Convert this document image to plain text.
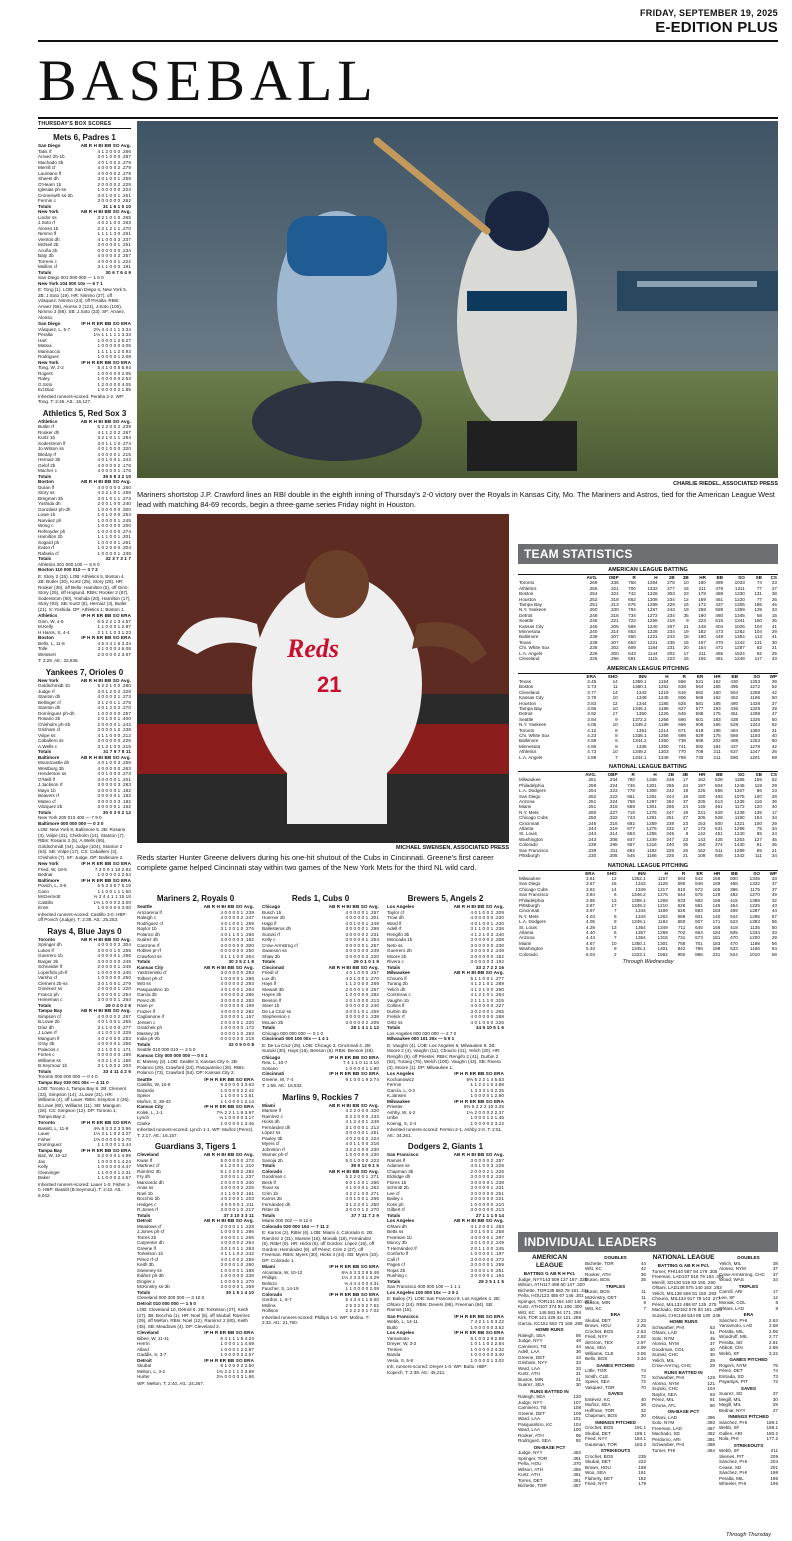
FRIDAY, SEPTEMBER 19, 2025
E-EDITION PLUS
BASEBALL
THURSDAY'S BOX SCORES
Mets 6, Padres 1
San Diego	AB R H BI BB SO Avg.
Tatis rf	4 1 2 0 0 0 .266
Arraez 2b-1b	3 0 1 0 0 0 .287
Machado 3b	4 0 1 0 0 2 .279
Merrill cf	4 0 0 0 0 2 .279
Laureano lf	4 0 0 0 0 2 .279
Sheets dh	3 0 1 0 0 1 .259
O'Hearn 1b	2 0 0 0 0 2 .225
Iglesias ph-ss	1 0 0 0 0 0 .223
Cronenwth ss-2b	3 0 1 0 0 1 .251
Fermin c	3 0 0 0 0 0 .262
Totals	31 1 6 1 0 10
New York	AB R H BI BB SO Avg.
Lindor ss	3 2 1 0 1 0 .265
J.Soto rf	4 0 2 1 0 0 .263
Alonso 1b	2 2 1 2 1 1 .270
Nimmo lf	1 1 1 1 3 0 .261
Vientos dh	4 1 0 0 0 3 .237
McNeil 2b	3 0 0 0 0 1 .251
Acuña 2b	0 0 0 0 0 0 .234
Baty 3b	4 0 0 0 0 2 .257
Torrens c	4 0 0 0 0 1 .222
Mullins cf	3 1 1 0 0 0 .191
Totals	30 6 7 6 4 9
San Diego 001 000 000 — 1 6 0
New York 104 000 10x — 6 7 1
E: Tong (1). LOB: San Diego 4, New York 5. 2B: J.Soto (19). HR: Nimmo (27), off Vásquez; Nimmo (24), off Peralta. RBIs: Arraez (56), Alonso 2 (121), J.Soto (100), Nimmo 3 (86). SB: J.Soto (33). SF: Arraez, Alonso.
San Diego	IP H R ER BB SO ERA
Vásquez, L, 5-7	2⅔ 4 4 4 1 1 3.34
Peralta	1⅓ 1 1 1 1 1 3.33
Hart	1 0 0 0 1 2 5.27
Matsui	1 0 0 0 0 0 4.05
Marinaccio	1 1 1 1 1 2 0.93
Rodriguez	1 0 0 0 0 1 2.08
New York	IP H R ER BB SO ERA
Tong, W, 2-2	5 4 1 0 0 8 5.94
Rogers	1 0 0 0 0 0 2.05
Raley	1 0 0 0 0 0 2.53
G.Soto	1 2 0 0 0 0 4.05
Ed.Diaz	1 0 0 0 0 2 1.85
Inherited runners-scored: Peralta 2-2. WP: Tong. T: 2:46. Att.: 16,127.
Athletics 5, Red Sox 3
Athletics	AB R H BI BB SO Avg.
Butler rf	5 2 2 0 0 2 .239
Rooker dh	4 1 1 2 0 2 .267
Kurtz 1b	3 2 1 0 1 1 .294
Soderstrom lf	3 0 1 1 1 0 .274
Jo.Wilson ss	4 0 1 0 0 0 .320
Bleday rf	4 0 0 0 0 1 .215
Hernaiz 3b	4 0 1 0 0 1 .243
Gelof 2b	4 0 0 0 0 2 .176
Macher c	4 0 0 0 0 1 .176
Totals	35 5 8 3 2 10
Boston	AB R H BI BB SO Avg.
Duran lf	4 0 0 0 0 0 .260
Story ss	4 2 2 1 0 1 .268
Bregman 3b	3 0 1 0 1 1 .273
Yoshida dh	2 0 0 1 0 0 .240
González ph-dh	1 0 0 0 0 0 .300
Lowe 1b	1 0 1 0 0 0 .264
Narváez ph	1 0 0 0 0 1 .245
Wong c	1 0 0 0 0 0 .200
Refsnyder ph	1 0 0 0 0 0 .274
Hamilton 2b	1 1 1 0 0 1 .201
Sogard ph	1 0 0 0 0 1 .261
Eaton rf	1 0 2 0 0 0 .304
Rafaela cf	1 0 0 0 0 1 .238
Totals	32 3 7 3 1 7
Athletics 301 000 100 — 5 8 0
Boston 110 000 010 — 3 7 2
E: Story 2 (15). LOB: Athletics 5, Boston 4. 2B: Butler (30), Kurtz (25), Story (28). HR: Rooker (30), off Bello; Hamilton (5), off Ginn; Story (25), off Hoglund. RBIs: Rooker 2 (87), Soderstrom (90), Yoshida (20), Hamilton (17), Story (93). SB: Kurtz (6), Hernaiz (3), Butler (21). S: Yoshida. DP: Athletics 1; Boston 1.
Athletics	IP H R ER BB SO ERA
Ginn, W, 4-6	6 5 2 2 1 3 4.57
M.Kelly	1 1 0 0 0 1 2.97
H.Harris, S, 4-4	2 1 1 1 0 3 1.23
Boston	IP H R ER BB SO ERA
Bello, L, 11-8	4 5 4 4 1 5 3.34
Tolle	3 1 0 0 0 4 6.08
Weissert	2 0 0 0 0 2 3.97
T: 2:28. Att.: 32,838.
Yankees 7, Orioles 0
New York	AB R H BI BB SO Avg.
Goldschmidt 1b	5 2 2 1 0 0 .280
Judge rf	3 0 1 2 0 2 .328
Stanton dh	4 0 0 0 0 1 .273
Bellinger cf	3 1 2 0 1 1 .278
Stanton dh	4 0 1 2 0 2 .270
Domínguez ph-dh	1 0 0 0 0 0 .257
Rosario 2b	2 0 1 0 0 1 .400
Chisholm ph-2b	2 0 0 0 0 1 .242
Grisham cf	3 0 0 0 1 2 .238
Volpe ss	4 1 1 0 0 0 .212
Caballero ss	3 0 0 0 0 0 .225
A.Wells c	3 1 2 1 0 0 .215
Totals	31 7 9 7 8 11
Baltimore	AB R H BI BB SO Avg.
Mountcastle dh	4 0 1 0 0 3 .255
Westburg 3b	4 0 0 0 0 0 .263
Henderson ss	4 0 1 0 0 0 .273
O'Neill lf	3 0 0 0 0 1 .201
J.Jackson rf	3 0 0 0 0 3 .283
Mayo 1b	3 0 0 0 0 1 .182
Beavers rf	3 0 0 0 0 1 .182
Mateo cf	3 0 0 0 0 3 .182
Vázquez 2b	3 0 0 0 0 1 .162
Totals	30 0 3 0 2 12
New York 200 010 400 — 7 9 0
Baltimore 000 000 000 — 0 3 0
LOB: New York 8, Baltimore 5. 2B: Rosario (3), Volpe (31), Chisholm (14), Stanton (7). RBIs: Rosario 2 (5), A.Wells (65), Goldschmidt (44), Judge (104), Stanton 2 (53). SB: Volpe (17). CS: Caballero (3), Chisholm (7). SF: Judge. DP: Baltimore 2.
New York	IP H R ER BB SO ERA
Fried, W, 18-5	7 3 0 0 1 13 2.92
Bednar	1 0 0 0 0 2 2.54
Baltimore	IP H R ER BB SO ERA
Povich, L, 3-8	5 5 3 3 6 7 5.16
Cano	1 1 0 0 1 1 1.50
McDermott	⅓ 2 4 4 1 1 15.18
Castillo	1⅔ 1 0 0 0 2 3.00
Enns	1 0 0 0 0 0 3.00
Inherited runners-scored: Castillo 3-0. HBP: off Povich (Judge). T: 2:38. Att.: 25,253.
Rays 4, Blue Jays 0
Toronto	AB R H BI BB SO Avg.
Springer dh	4 0 0 0 0 2 .304
Lukes lf	3 0 0 0 1 0 .255
Guerrero 1b	4 0 0 0 0 1 .296
Barger 3b	3 0 0 0 0 0 .249
Schneider lf	2 0 0 0 0 1 .245
Loperfido ph-lf	1 0 0 0 0 0 .240
Varsho cf	1 0 0 0 0 0 .250
Clement 2b-ss	3 0 1 0 0 1 .279
Giménez ss	2 0 0 0 0 1 .220
Franco ph	1 0 0 0 0 1 .254
Heineman c	3 0 0 0 0 1 .264
Totals	29 0 4 0 2 6
Tampa Bay	AB R H BI BB SO Avg.
Simpson cf	4 0 0 0 0 2 .267
B.Lowe 2b	4 0 1 0 0 1 .255
Díaz dh	3 1 1 0 0 0 .277
J.Lowe rf	4 1 0 0 1 0 .229
Mangum lf	4 0 2 0 0 0 .253
Gray 3b	4 0 0 0 0 1 .256
Palacios c	3 1 1 0 0 1 .171
Fortes c	0 0 0 0 0 0 .189
Williams ss	4 0 2 1 0 1 .156
B.Seymour 1b	3 1 1 0 0 2 .203
Totals	33 4 11 4 2 6
Toronto 000 000 000 — 0 4 0
Tampa Bay 030 001 00x — 4 11 0
LOB: Toronto 4, Tampa Bay 8. 2B: Clement (33), Simpson (14), J.Lowe (21). HR: Williams (4), off Lauer. RBIs: Simpson 2 (26), B.Lowe (80), Williams (11). SB: Mangum (26). CS: Simpson (12). DP: Toronto 1; Tampa Bay 2.
Toronto	IP H R ER BB SO ERA
Bassitt, L, 11-9	4⅔ 8 3 3 2 3 3.96
Lauer	1⅓ 2 1 1 0 2 3.27
Fisher	1⅔ 0 0 0 0 0 2.70
Domínguez	1 1 0 0 0 1 3.44
Tampa Bay	IP H R ER BB SO ERA
Baz, W, 10-12	5 2 0 0 0 1 4.99
Jax	1 0 0 0 0 1 4.24
Kelly	1 0 0 0 0 0 4.47
Cleavinger	1 1 0 0 0 1 2.31
Baker	1 1 0 0 0 2 4.67
Inherited runners-scored: Lauer 1-0. Fisher 1-0. HBP: Bassitt (B.Seymour). T: 2:42. Att.: 8,042.
CHARLIE RIEDEL, ASSOCIATED PRESS
Mariners shortstop J.P. Crawford lines an RBI double in the eighth inning of Thursday's 2-0 victory over the Royals in Kansas City, Mo. The Mariners and Astros, tied for the American League West lead with matching 84-69 records, begin a three-game series Friday night in Houston.
Reds
21
MICHAEL SWENSEN, ASSOCIATED PRESS
Reds starter Hunter Greene delivers during his one-hit shutout of the Cubs in Cincinnati. Greene's first career complete game helped Cincinnati stay within two games of the New York Mets for the third NL wild card.
Mariners 2, Royals 0
Seattle	AB R H BI BB SO Avg.
Arozarena lf	4 0 0 0 0 1 .239
Raleigh c	4 0 0 0 0 2 .247
Rodríguez cf	4 0 1 0 0 1 .269
Naylor 1b	3 1 2 0 1 0 .276
Polanco dh	4 0 1 1 0 1 .266
Suárez 3b	3 0 0 0 0 3 .182
Canzone rf	3 0 0 0 0 0 .300
Robles pr-rf	0 0 0 0 0 0 .250
Crawford ss	3 1 1 1 0 0 .264
Totals	30 2 5 2 1 8
Kansas City	AB R H BI BB SO Avg.
Yastrzemski cf	3 0 0 0 0 0 .283
Tolbert ph-cf	1 0 0 0 0 1 .286
Witt ss	4 0 0 0 0 2 .293
Pasquantino 1b	4 0 1 0 0 1 .264
Garcia 3b	4 0 0 0 0 2 .286
Perez dh	3 0 0 0 0 2 .283
Rave pr	0 0 0 0 0 0 .199
Frazier lf	4 0 0 0 0 2 .282
Caglianone rf	3 0 0 0 0 1 .157
Jensen c	2 0 0 0 0 1 .220
Gratchek ph	1 0 0 0 0 0 .173
Massey 2b	3 0 0 0 1 0 .263
India ph-2b	0 0 0 0 0 0 .219
Totals	32 0 5 0 0 8
Seattle 010 000 010 — 2 5 0
Kansas City 000 000 000 — 0 5 1
E: Massey (2). LOB: Seattle 3, Kansas City 6. 2B: Polanco (29), Crawford (24), Pasquantino (28). RBIs: Polanco (73), Crawford (54). DP: Kansas City 2.
Seattle	IP H R ER BB SO ERA
Castillo, W, 10-8	6 3 0 0 0 3 3.63
Bazardo	1 0 0 0 0 2 2.42
Speier	1 1 0 0 0 1 2.61
Muñoz, S, 36-43	1 1 0 0 0 1 2.14
Kansas City	IP H R ER BB SO ERA
Kolek, L, 1-1	7⅔ 2 2 1 1 8 3.97
Lynch	⅓ 1 0 0 0 0 3.17
Clarke	1 0 0 0 0 1 3.46
Inherited runners-scored: Lynch 1-1. WP: Muñoz (Perez). T: 2:17. Att.: 16,157.
Guardians 3, Tigers 1
Cleveland	AB R H BI BB SO Avg.
Kwan lf	5 0 0 0 0 0 .272
Martinez cf	5 1 2 0 0 1 .210
Ramírez 3b	5 1 2 2 0 2 .282
Fry dh	3 0 0 0 1 1 .237
Manzardo dh	2 0 0 0 0 0 .240
Arias ss	3 0 0 0 0 2 .225
Noel 1b	4 1 1 0 0 2 .161
Bocchio 2b	4 0 2 0 0 1 .203
Hedges c	4 0 0 0 0 1 .211
R.Jones rf	3 0 0 0 1 0 .217
Totals	37 3 10 3 3 11
Detroit	AB R H BI BB SO Avg.
Meadows cf	2 0 0 0 1 1 .228
J.Jones ph-cf	1 0 0 0 0 1 .286
Torres 2b	3 0 0 0 1 1 .255
Carpenter dh	4 0 0 0 0 2 .254
Greene lf	3 0 1 0 1 1 .263
Torkelson 1b	4 1 1 1 0 2 .242
Pérez rf-cf	4 0 1 0 0 2 .256
Keith 3b	3 0 0 0 1 0 .260
Sweeney ss	1 0 0 0 0 1 .198
Ibáñez ph-3b	1 0 0 0 0 0 .238
Dingler c	1 0 0 0 0 1 .270
McKinstry ss-3b	3 0 0 0 0 1 .259
Totals	30 1 5 1 4 10
Cleveland 000 300 000 — 3 10 0
Detroit 010 000 000 — 1 5 0
LOB: Cleveland 10, Detroit 6. 2B: Torkelson (27), Keith (27). 3B: Bocchio (1). HR: Noel (5), off Skubal; Ramírez (29), off Melton. RBIs: Noel (12), Ramírez 2 (80), Keith (45). SB: Meadows (4). DP: Cleveland 2.
Cleveland	IP H R ER BB SO ERA
Bibee, W, 11-11	6 4 1 1 1 8 4.24
Herrin	1 0 0 0 1 1 4.69
Allard	1 0 0 0 1 2 2.87
Gaddis, S, 3-7	1 0 0 0 0 3 2.57
Detroit	IP H R ER BB SO ERA
Skubal	5 1 0 0 0 2 2.50
Melton, L, 3-2	1⅔ 2 2 1 1 2 3.88
Hurter	2⅓ 0 0 0 0 3 1.86
WP: Melton. T: 2:40. Att.: 24,267.
Reds 1, Cubs 0
Chicago	AB R H BI BB SO Avg.
Busch 1b	4 0 0 0 0 1 .257
Hoerner 2b	4 0 0 0 0 1 .301
Happ lf	4 0 1 0 0 1 .248
Ballesteros dh	3 0 0 0 0 1 .298
Suzuki rf	3 0 0 0 0 2 .231
Kelly c	3 0 0 0 0 1 .254
Crow-Armstrng cf	3 0 0 0 0 1 .257
Swanson ss	3 0 0 0 0 0 .249
Shaw 3b	3 0 0 0 0 2 .220
Totals	29 0 1 0 1 9
Cincinnati	AB R H BI BB SO Avg.
Friedl cf	4 0 1 0 0 0 .257
Lux dh	4 0 1 0 0 1 .270
Hays lf	1 1 2 0 0 0 .269
Stewart 3b	2 0 0 0 1 0 .267
Hayes 3b	1 0 0 0 0 0 .282
Benson lf	2 0 1 0 0 0 .213
Steer 1b	3 0 0 0 0 2 .240
De La Cruz ss	3 0 0 1 0 1 .259
Stephenson c	3 0 0 0 0 1 .238
McLain 2b	3 0 0 0 0 2 .209
Totals	28 1 4 1 1 12
Chicago 000 000 000 — 0 1 0
Cincinnati 000 100 00x — 1 4 1
E: De La Cruz (25). LOB: Chicago 3, Cincinnati 4. 2B: Suzuki (30), Hays (16), Benson (6). RBIs: Benson (46).
Chicago	IP H R ER BB SO ERA
Rea, L, 10-7	7 4 1 1 0 11 4.10
Soriano	1 0 0 0 0 1 1.80
Cincinnati	IP H R ER BB SO ERA
Greene, W, 7-4	9 1 0 0 1 9 2.74
T: 1:56. Att.: 18,532.
Marlins 9, Rockies 7
Miami	AB R H BI BB SO Avg.
Marsee lf	4 2 2 0 0 0 .320
Ramírez c	5 2 2 0 0 0 .233
Hicks dh	4 1 2 4 0 1 .249
Fernández dh	3 1 0 0 0 1 .213
López ss	3 0 0 0 0 1 .261
Pauley 3b	4 0 2 0 0 2 .224
Myers cf	4 0 1 1 0 0 .216
Johnston rf	3 2 2 0 0 0 .230
Warner ph-rf	1 0 0 0 0 0 .230
Sanoja 2b	5 0 1 0 0 0 .223
Totals	39 9 12 9 1 5
Colorado	AB R H BI BB SO Avg.
Goodman c	5 2 2 0 0 1 .271
Beck lf	5 0 1 2 0 1 .266
Tovar ss	4 1 0 0 0 1 .262
Crim 1b	4 2 2 1 0 0 .271
Karros 3b	4 0 1 0 0 1 .266
Fernández dh	3 1 2 2 0 1 .250
Ritter 2b	3 0 0 0 1 2 .270
Totals	37 7 11 7 2 9
Miami 000 202 — 9 12 0
Colorado 020 000 104 — 7 11 2
E: Karros (2), Ritter (6). LOB: Miami 4, Colorado 6. 2B: Ramírez 2 (31), Marsee (16), Moniak (18), Fernández (5). Ritter (9). HR: Hicks (6), off Gordon; López (15), off Gordon; Hernández (9), off Pérez; Crim 2 (27), off Freeman. RBIs: Myers (30), Hicks 4 (44). SB: Myers (10). DP: Colorado 1.
Miami	IP H R ER BB SO ERA
Alcantara, W, 10-12	6⅓ 5 3 3 2 8 5.48
Phillips	1⅓ 2 3 3 0 1 4.29
Bellozo	⅓ 4 4 4 0 0 4.31
Faucher, S, 14-19	1 1 0 0 0 0 2.08
Colorado	IP H R ER BB SO ERA
Gordon, L, 6-7	5 4 3 4 1 1 6.00
Molina	2 5 3 2 0 2 7.52
Rollison	2 2 2 2 0 1 7.02
Inherited runners-scored: Phillips 1-0. WP: Molina. T: 2:32. Att.: 21,760.
Brewers 5, Angels 2
Los Angeles	AB R H BI BB SO Avg.
Taylor cf	4 0 1 0 0 2 .209
Trout dh	4 0 0 0 0 0 .230
Ward lf	4 0 1 0 0 1 .230
Adell rf	3 1 1 0 0 1 .236
Rengifo 3b	4 1 2 1 0 3 .240
Moncada 1b	3 0 0 0 0 2 .208
Neto ss	3 0 0 0 0 0 .230
Guerrero 2b	3 0 0 0 0 2 .249
Moore 2b	3 0 0 0 0 0 .182
Rivera c	3 0 0 0 0 3 .192
Totals	33 2 7 2 2 16
Milwaukee	AB R H BI BB SO Avg.
Chourio lf	5 1 1 0 0 1 .277
Turang 2b	4 1 2 1 0 1 .289
Yelich dh	4 1 2 1 0 0 .260
Contreras c	4 1 2 1 0 1 .264
Vaughn 1b	2 1 1 1 1 0 .315
Collins lf	4 0 0 0 0 0 .227
Durbin 3b	3 0 2 0 0 1 .265
Frelick rf	4 0 0 0 0 0 .288
Ortiz ss	4 0 1 0 0 0 .226
Totals	34 5 10 5 1 6
Los Angeles 000 020 000 — 2 7 0
Milwaukee 000 101 30x — 5 9 1
E: Vaughn (4). LOB: Los Angeles 8, Milwaukee 8. 2B: Moore 2 (4), Vaughn (11), Chourio (31), Yelich (20). HR: Rengifo (9), off Priester. RBIs: Rengifo 2 (41), Durbin 2 (52), Turang (76), Welch (100). Vaughn (43). SB: Rivera (3), Moore (1). DP: Milwaukee 1.
Los Angeles	IP H R ER BB SO ERA
Kochanowicz	5⅔ 5 2 2 1 4 5.63
Fermin	1 1 2 2 1 0 4.88
García, L, 0-2	1 3 3 3 1 0 2.25
K.Jansen	1 0 0 0 0 1 2.80
Milwaukee	IP H R ER BB SO ERA
Priester	5⅔ 5 2 2 2 10 3.25
Ashby, W, 4-2	1⅓ 2 0 0 0 2 2.37
Uribe	1 0 0 0 1 2 1.45
Koenig, S, 2-4	1 0 0 0 0 2 3.22
Inherited runners-scored: Fermin 2-1, Ashby 2-0. T: 2:51. Att.: 34,261.
Dodgers 2, Giants 1
San Francisco	AB R H BI BB SO Avg.
Ramos lf	3 0 0 0 0 2 .257
Adames ss	4 0 1 0 0 3 .228
Chapman 3b	2 0 0 0 2 1 .226
Eldridge dh	3 0 0 0 0 2 .234
Flores 1b	3 0 0 0 0 1 .238
Schmitt 2b	3 0 0 0 0 1 .231
Lee cf	3 0 0 0 0 0 .251
Bailey c	2 0 0 0 0 0 .221
Koss ph	1 0 0 0 0 0 .210
Gilbert rf	3 0 0 0 0 0 .213
Totals	27 1 1 1 0 14
Los Angeles	AB R H BI BB SO Avg.
Ohtani dh	4 1 2 0 0 1 .283
Betts ss	3 0 1 0 0 1 .258
Freeman 1b	4 0 0 0 0 1 .297
Muncy 3b	3 0 1 0 0 2 .249
T.Hernández lf	2 0 1 1 0 0 .245
Conforto lf	1 0 0 0 0 1 .197
Call rf	3 0 0 0 0 0 .273
Pages cf	3 0 0 0 0 1 .259
Rojas 2b	3 0 0 0 1 0 .261
Rushing c	3 0 0 0 0 1 .194
Totals	29 2 5 1 1 5
San Francisco 000 000 100 — 1 1 1
Los Angeles 100 000 10x — 2 5 1
E: Bailey (7). LOB: San Francisco 9, Los Angeles 4. 2B: Ohtani 2 (24). RBIs: Devers (96), Freeman (84). SB: Ramos (15).
San Francisco	IP H R ER BB SO ERA
Webb, L, 14-11	7 4 2 1 1 5 3.22
Butto	1 0 0 0 0 0 3.52
Los Angeles	IP H R ER BB SO ERA
Yamamoto	6 1 0 0 2 9 2.58
Dreyer, W, 3-2	1 0 1 1 0 2 2.84
Treinen	1 0 0 0 0 2 4.32
Banda	1 0 0 0 0 0 3.40
Vesia, S, 5-9	1 0 0 0 0 1 3.02
Inh. runners-scored: Dreyer 1-0. WP: Butto. HBP: Kopech. T: 2:39. Att.: 45,211.
TEAM STATISTICS
AMERICAN LEAGUE BATTING
	AVG.	OBP	R	H	2B	3B	HR	BB	SO	SB	CS
Toronto	.269	.336	758	1394	278	10	180	489	1033	74	23
Athletics	.255	.321	700	1332	277	16	211	479	1311	77	27
Boston	.254	.324	742	1326	303	23	178	489	1330	131	38
Houston	.252	.318	652	1308	234	12	169	451	1220	77	26
Tampa Bay	.251	.313	675	1289	229	16	172	437	1305	185	46
N.Y. Yankees	.250	.330	794	1287	243	19	258	589	1359	129	33
Detroit	.248	.318	734	1272	234	35	190	480	1345	58	15
Seattle	.245	.321	722	1266	219	9	223	515	1341	150	36
Kansas City	.245	.306	589	1240	267	21	148	404	1026	104	41
Minnesota	.240	.314	653	1228	234	19	182	473	1262	104	29
Baltimore	.239	.307	650	1221	243	18	180	449	1354	113	41
Texas	.238	.307	653	1221	235	15	167	470	1242	131	30
Chi. White Sox	.236	.302	609	1184	231	20	154	472	1287	82	21
L.A. Angels	.226	.300	643	1144	202	17	211	465	1524	82	25
Cleveland	.225	.296	591	1115	223	16	155	461	1248	117	33
AMERICAN LEAGUE PITCHING
	ERA	SHO	INN	H	R	ER	HR	BB	SO	WP
Texas	3.45	14	1359.1	1154	566	521	162	430	1253	39
Boston	3.73	11	1360.1	1262	638	564	155	495	1272	52
Cleveland	3.77	14	1343	1219	616	562	160	504	1258	42
Kansas City	3.79	10	1348	1245	606	568	162	452	1186	50
Houston	3.83	12	1344	1185	625	581	185	480	1428	37
Tampa Bay	3.86	10	1346.1	1188	627	577	193	436	1329	29
Detroit	3.92	17	1350	1226	645	588	175	451	1288	47
Seattle	3.94	9	1372.2	1266	666	601	183	438	1326	50
N.Y. Yankees	4.05	10	1349.2	1189	666	608	166	528	1343	52
Toronto	4.12	8	1351	1214	671	619	198	484	1350	31
Chi. White Sox	4.23	8	1338.1	1256	698	629	175	566	1193	40
Baltimore	4.59	6	1344.2	1350	738	686	202	488	1253	60
Minnesota	4.65	8	1338	1350	741	692	184	437	1278	42
Athletics	4.73	10	1349.2	1303	770	709	211	537	1247	26
L.A. Angels	4.89	7	1344.1	1349	788	730	211	590	1201	59
NATIONAL LEAGUE BATTING
	AVG.	OBP	R	H	2B	3B	HR	BB	SO	SB	CS
Milwaukee	.261	.334	780	1348	248	17	162	528	1185	155	52
Philadelphia	.259	.324	745	1301	255	24	197	504	1245	119	29
L.A. Dodgers	.254	.323	778	1308	242	19	225	556	1267	86	23
San Diego	.252	.322	651	1281	244	18	160	483	1075	100	28
Arizona	.251	.324	758	1297	262	37	205	513	1235	116	36
Miami	.251	.315	669	1301	255	24	145	461	1172	120	40
N.Y. Mets	.250	.327	716	1276	247	19	231	529	1239	135	17
Chicago Cubs	.250	.322	743	1291	251	27	205	528	1190	154	34
Cincinnati	.246	.316	682	1259	238	23	153	500	1321	100	29
Atlanta	.244	.319	677	1275	232	17	173	531	1298	75	34
St. Louis	.244	.314	653	1255	245	8	142	451	1240	85	24
Washington	.243	.306	647	1249	247	23	143	425	1253	127	45
Colorado	.239	.295	567	1216	240	35	150	374	1430	81	36
San Francisco	.238	.311	662	1192	225	26	162	511	1289	65	21
Pittsburgh	.230	.305	545	1166	225	21	108	505	1342	111	34
NATIONAL LEAGUE PITCHING
	ERA	SHO	INN	H	R	ER	HR	BB	SO	WP
Milwaukee	3.61	12	1352.1	1157	593	542	158	500	1345	33
San Diego	3.67	16	1343	1128	590	548	169	488	1332	37
Chicago Cubs	3.82	14	1349	1217	610	572	165	396	1175	37
San Francisco	3.84	6	1346.2	1276	644	575	129	482	1270	49
Philadelphia	3.86	13	1358.1	1269	633	582	156	415	1389	32
Pittsburgh	3.87	17	1349.2	1210	626	581	145	454	1225	43
Cincinnati	3.97	7	1344	1199	626	593	183	469	1287	44
N.Y. Mets	4.03	8	1343	1262	668	601	140	534	1295	57
L.A. Dodgers	4.05	9	1349.1	1184	650	607	171	523	1383	65
St. Louis	4.29	13	1354	1349	711	645	156	418	1135	50
Atlanta	4.40	6	1357	1269	702	664	184	505	1334	33
Arizona	4.44	7	1364	1315	731	673	181	470	1200	29
Miami	4.67	10	1350.1	1301	758	701	183	470	1198	56
Washington	5.33	9	1345.1	1401	842	796	198	533	1166	64
Colorado	6.03	2	1323.1	1592	950	886	231	524	1010	58
Through Wednesday
INDIVIDUAL LEADERS
AMERICAN LEAGUE
BATTING G AB R H Pct.
Judge, NYY 143 509 127 167 .328
Wilson, ATH 117 459 60 147 .320
Bichette, TOR 139 582 78 181 .311
Peña, HOU 123 485 67 146 .301
Springer, TOR 131 464 100 140 .302
Kurtz, ATH 107 374 91 106 .300
Witt, KC 146 581 94 171 .294
Kirk, TOR 121 426 42 121 .289
Garcia, KC 151 562 73 168 .285
HOME RUNS
Raleigh, SEA	56
Judge, NYY	48
Caminero, TB	44
Adell, LAA	36
Greene, DET	34
Grisham, NYY	33
Ward, LAA	33
Kurtz, ATH	31
Buxton, MIN	31
Suárez, SEA	30
RUNS BATTED IN
Raleigh, SEA	120
Judge, NYY	107
Caminero, TB	108
Greene, DET	109
Ward, LAA	101
Pasquantino, KC	104
Ward, LAA	100
Rooker, ATH	96
Rodríguez, SEA	92
ON-BASE PCT
Judge, NYY	.453
Springer, TOR	.391
Peña, HOU	.370
Wilson, ATH	.365
Kurtz, ATH	.361
Torres, DET	.361
Bichette, TOR	.357
DOUBLES
Bichette, TOR	44
Witt, KC	42
Rooker, ATH	36
Duran, BOS	35
TRIPLES
Duran, BOS	11
McKinstry, DET	11
Buxton, MIN	8
Witt, KC	7
ERA
Skubal, DET	2.23
Brown, HOU	2.25
Crochet, BOS	2.53
Fried, NYY	2.92
deGrom, TEX	2.97
Woo, SEA	2.99
Williams, CLE	3.06
Bello, BOS	3.34
GAMES PITCHED
Little, TOR	73
Smith, CLE	72
Speier, SEA	72
Vasquez, TOR	70
SAVES
Estévez, KC	40
Muñoz, SEA	36
Hoffman, TOR	32
Chapman, BOS	30
INNINGS PITCHED
Crochet, BOS	191.1
Skubal, DET	189.1
Fried, NYY	184.1
Gausman, TOR	183.2
STRIKEOUTS
Crochet, BOS	236
Skubal, DET	222
Brown, HOU	198
Woo, SEA	191
Flaherty, DET	182
Fried, NYY	179
NATIONAL LEAGUE
BATTING G AB R H Pct.
Turner, PHI 140 587 94 179 .305
Freeman, LAD 137 516 79 153 .301
Merrill, SD 130 519 83 155 .290
Ohtani, LAD 148 575 140 163 .283
Yelich, MIL 136 508 81 150 .283
Chourio, MIL 134 517 78 143 .277
Pérez, MIL 132 486 87 135 .275
Machado, SD 152 576 83 161 .280
Suzuki, CHC 148 534 86 130 .246
HOME RUNS
Schwarber, PHI	53
Ohtani, LAD	51
Soto, NYM	45
Alonso, NYM	37
Goodman, COL	30
Suzuki, CHC	30
Yelich, MIL	29
Crow-Arm'ng, CHC	29
RUNS BATTED IN
Schwarber, PHI	128
Alonso, NYM	121
Suzuki, CHC	104
Naylor, SEA	93
Pérez, MIL	91
Ozuna, ATL	90
ON-BASE PCT
Ohtani, LAD	.396
Soto, NYM	.393
Freeman, LAD	.367
Machado, SD	.352
Perdomo, ARI	.391
Schwarber, PHI	.368
Turner, PHI	.364
DOUBLES
Yelich, MIL	38
Alonso, NYM	37
Crow-Armstrong, CHC 37
Wood, WAS	34
TRIPLES
Carroll, ARI	17
Lee, SF	12
Moniak, COL	8
Ohtani, LAD	8
ERA
Sánchez, PHI	2.63
Yamamoto, LAD	2.58
Peralta, MIL	2.65
Woodruff, MIL	2.77
Peralta, SD	2.81
Abbott, CIN	2.88
Webb, SF	3.22
GAMES PITCHED
Rogers, NYM	75
Pérez, DET	74
Estrada, SD	73
Payamps, PIT	72
SAVES
Suarez, SD	37
Megill, MIL	30
Megill, MIL	29
Bednar, NYY	27
INNINGS PITCHED
Sánchez, PHI	189.1
Webb, SF	188.1
Gallen, ARI	180.2
Nola, PHI	177.2
STRIKEOUTS
Webb, SF	211
Skenes, PIT	209
Sánchez, PHI	204
Cease, SD	201
Sánchez, PHI	198
Peralta, MIL	195
Wheeler, PHI	195
Through Thursday
